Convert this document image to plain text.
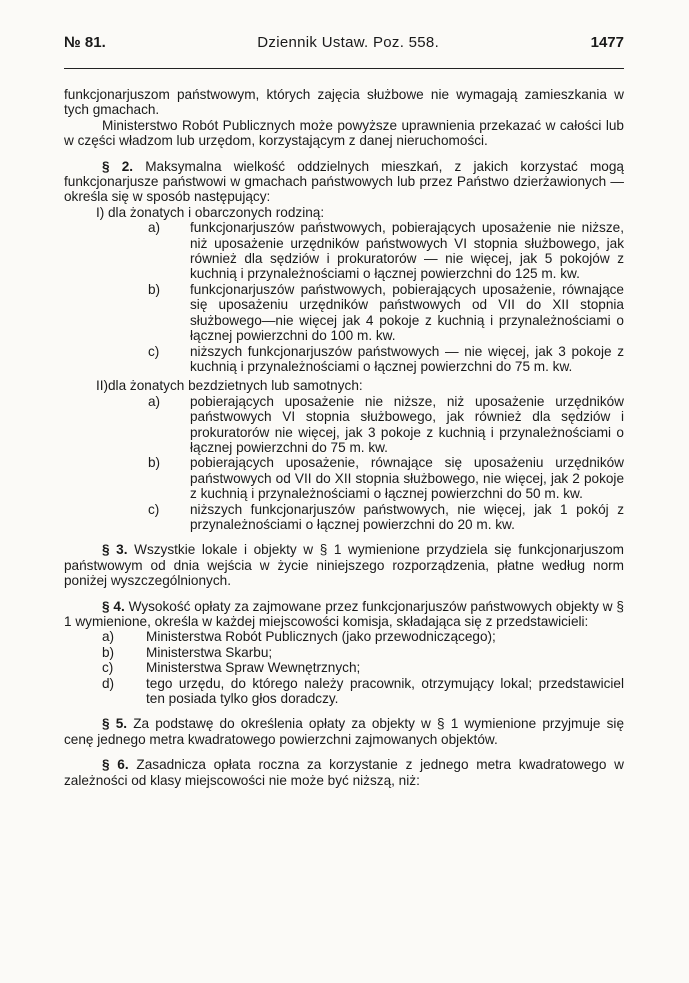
№ 81.	Dziennik Ustaw. Poz. 558.	1477

funkcjonarjuszom państwowym, których zajęcia służbowe nie wymagają zamieszkania w tych gmachach.

Ministerstwo Robót Publicznych może powyższe uprawnienia przekazać w całości lub w części władzom lub urzędom, korzystającym z danej nieruchomości.

§ 2. Maksymalna wielkość oddzielnych mieszkań, z jakich korzystać mogą funkcjonarjusze państwowi w gmachach państwowych lub przez Państwo dzierżawionych — określa się w sposób następujący:

I) dla żonatych i obarczonych rodziną:
a)	funkcjonarjuszów państwowych, pobierających uposażenie nie niższe, niż uposażenie urzędników państwowych VI stopnia służbowego, jak również dla sędziów i prokuratorów — nie więcej, jak 5 pokojów z kuchnią i przynależnościami o łącznej powierzchni do 125 m. kw.
b)	funkcjonarjuszów państwowych, pobierających uposażenie, równające się uposażeniu urzędników państwowych od VII do XII stopnia służbowego—nie więcej jak 4 pokoje z kuchnią i przynależnościami o łącznej powierzchni do 100 m. kw.
c)	niższych funkcjonarjuszów państwowych — nie więcej, jak 3 pokoje z kuchnią i przynależnościami o łącznej powierzchni do 75 m. kw.
II) dla żonatych bezdzietnych lub samotnych:
a)	pobierających uposażenie nie niższe, niż uposażenie urzędników państwowych VI stopnia służbowego, jak również dla sędziów i prokuratorów nie więcej, jak 3 pokoje z kuchnią i przynależnościami o łącznej powierzchni do 75 m. kw.
b)	pobierających uposażenie, równające się uposażeniu urzędników państwowych od VII do XII stopnia służbowego, nie więcej, jak 2 pokoje z kuchnią i przynależnościami o łącznej powierzchni do 50 m. kw.
c)	niższych funkcjonarjuszów państwowych, nie więcej, jak 1 pokój z przynależnościami o łącznej powierzchni do 20 m. kw.

§ 3. Wszystkie lokale i objekty w § 1 wymienione przydziela się funkcjonarjuszom państwowym od dnia wejścia w życie niniejszego rozporządzenia, płatne według norm poniżej wyszczególnionych.

§ 4. Wysokość opłaty za zajmowane przez funkcjonarjuszów państwowych objekty w § 1 wymienione, określa w każdej miejscowości komisja, składająca się z przedstawicieli:

a)	Ministerstwa Robót Publicznych (jako przewodniczącego);
b)	Ministerstwa Skarbu;
c)	Ministerstwa Spraw Wewnętrznych;
d)	tego urzędu, do którego należy pracownik, otrzymujący lokal; przedstawiciel ten posiada tylko głos doradczy.

§ 5. Za podstawę do określenia opłaty za objekty w § 1 wymienione przyjmuje się cenę jednego metra kwadratowego powierzchni zajmowanych objektów.

§ 6. Zasadnicza opłata roczna za korzystanie z jednego metra kwadratowego w zależności od klasy miejscowości nie może być niższą, niż:
